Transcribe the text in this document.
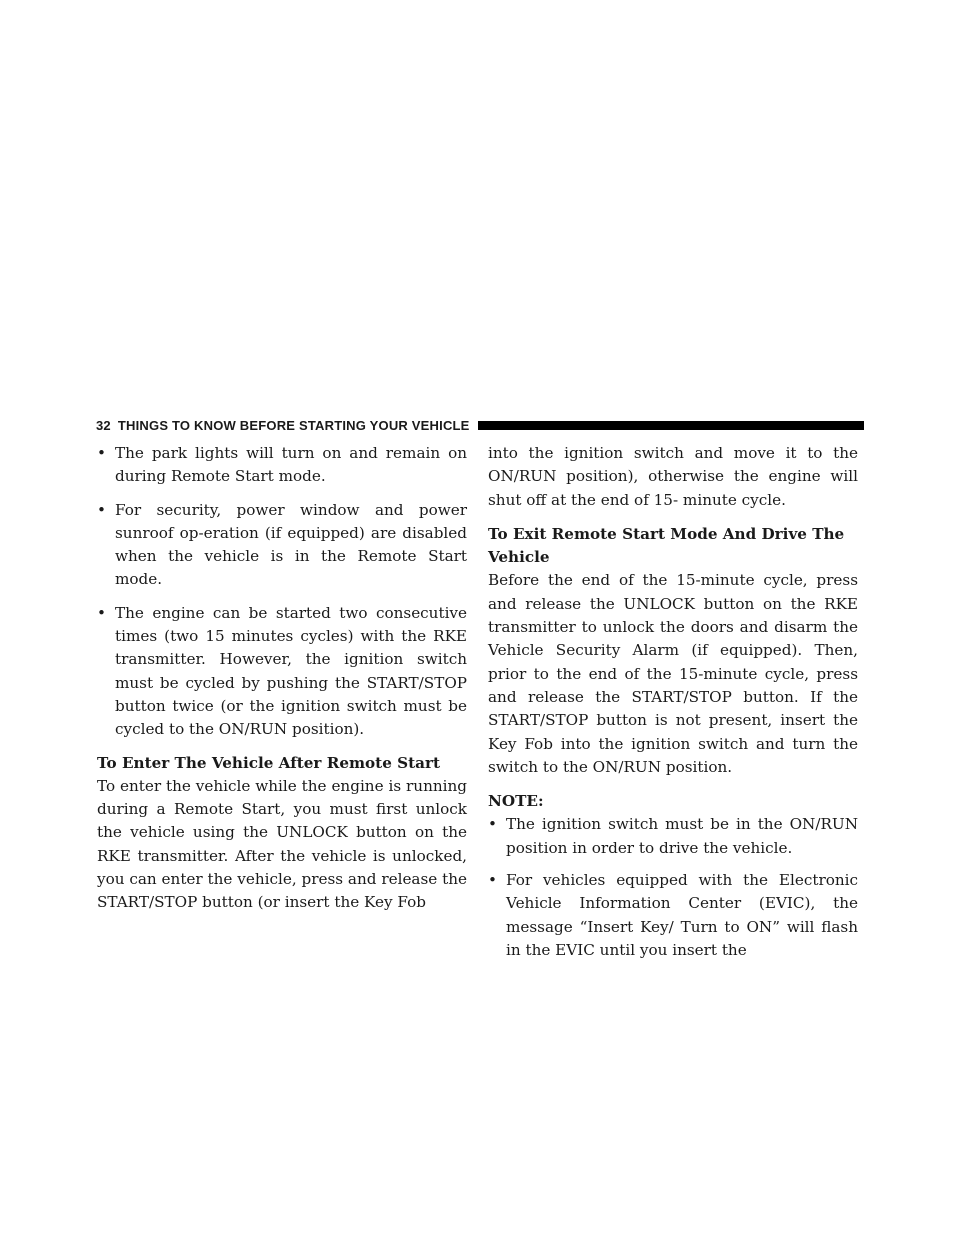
32 THINGS TO KNOW BEFORE STARTING YOUR VEHICLE
• The park lights will turn on and remain on during Remote Start mode.
• For security, power window and power sunroof op-eration (if equipped) are disabled when the vehicle is in the Remote Start mode.
• The engine can be started two consecutive times (two 15 minutes cycles) with the RKE transmitter. However, the ignition switch must be cycled by pushing the START/STOP button twice (or the ignition switch must be cycled to the ON/RUN position).

To Enter The Vehicle After Remote Start

To enter the vehicle while the engine is running during a Remote Start, you must first unlock the vehicle using the UNLOCK button on the RKE transmitter. After the vehicle is unlocked, you can enter the vehicle, press and release the START/STOP button (or insert the Key Fob

into the ignition switch and move it to the ON/RUN position), otherwise the engine will shut off at the end of 15- minute cycle.

To Exit Remote Start Mode And Drive The Vehicle

Before the end of the 15-minute cycle, press and release the UNLOCK button on the RKE transmitter to unlock the doors and disarm the Vehicle Security Alarm (if equipped). Then, prior to the end of the 15-minute cycle, press and release the START/STOP button. If the START/STOP button is not present, insert the Key Fob into the ignition switch and turn the switch to the ON/RUN position.

NOTE:

• The ignition switch must be in the ON/RUN position in order to drive the vehicle.
• For vehicles equipped with the Electronic Vehicle Information Center (EVIC), the message “Insert Key/ Turn to ON” will flash in the EVIC until you insert the
